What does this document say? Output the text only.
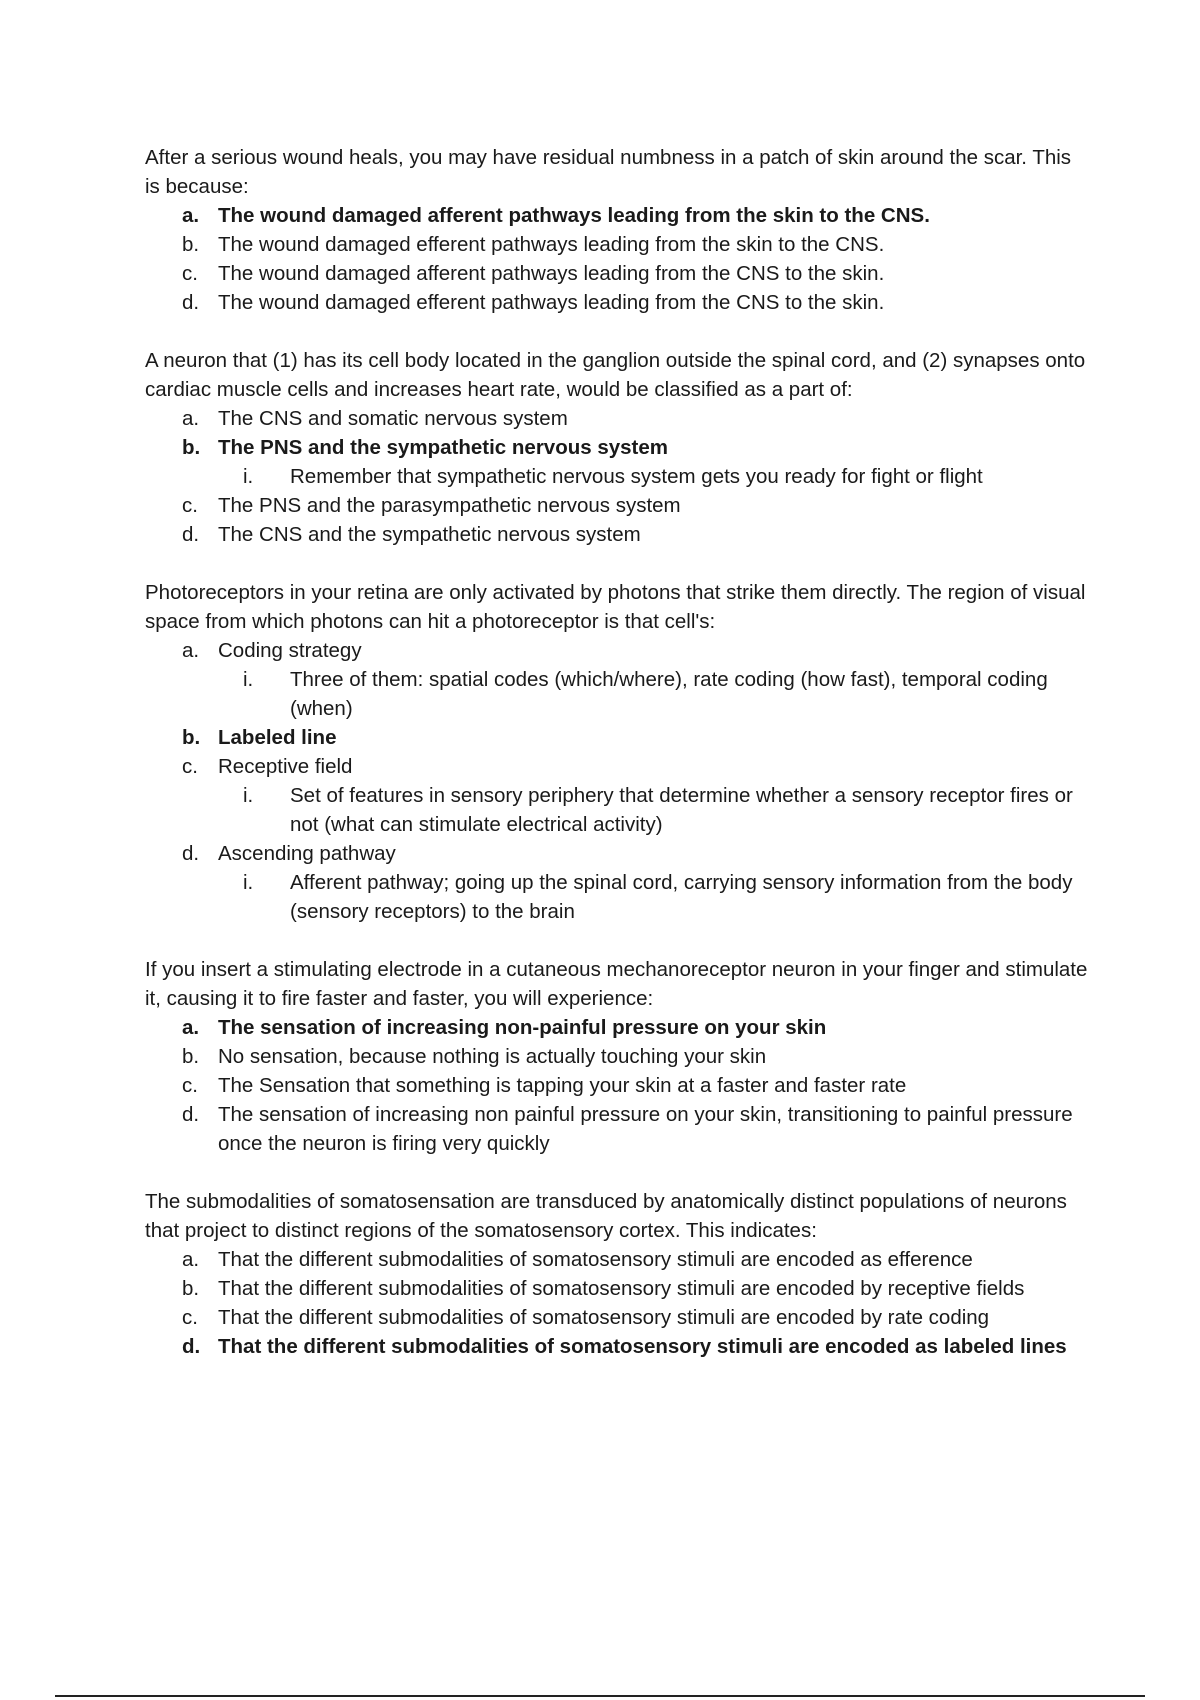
After a serious wound heals, you may have residual numbness in a patch of skin around the scar. This is because:

a. The wound damaged afferent pathways leading from the skin to the CNS.
b. The wound damaged efferent pathways leading from the skin to the CNS.
c. The wound damaged afferent pathways leading from the CNS to the skin.
d. The wound damaged efferent pathways leading from the CNS to the skin.

A neuron that (1) has its cell body located in the ganglion outside the spinal cord, and (2) synapses onto cardiac muscle cells and increases heart rate, would be classified as a part of:

a. The CNS and somatic nervous system
b. The PNS and the sympathetic nervous system
i.	Remember that sympathetic nervous system gets you ready for fight or flight
c. The PNS and the parasympathetic nervous system
d. The CNS and the sympathetic nervous system

Photoreceptors in your retina are only activated by photons that strike them directly. The region of visual space from which photons can hit a photoreceptor is that cell's:

a. Coding strategy
i.	Three of them: spatial codes (which/where), rate coding (how fast), temporal coding (when)
b. Labeled line
c. Receptive field
i.	Set of features in sensory periphery that determine whether a sensory receptor fires or not (what can stimulate electrical activity)
d. Ascending pathway
i.	Afferent pathway; going up the spinal cord, carrying sensory information from the body (sensory receptors) to the brain

If you insert a stimulating electrode in a cutaneous mechanoreceptor neuron in your finger and stimulate it, causing it to fire faster and faster, you will experience:

a. The sensation of increasing non-painful pressure on your skin
b. No sensation, because nothing is actually touching your skin
c. The Sensation that something is tapping your skin at a faster and faster rate
d. The sensation of increasing non painful pressure on your skin, transitioning to painful pressure once the neuron is firing very quickly

The submodalities of somatosensation are transduced by anatomically distinct populations of neurons that project to distinct regions of the somatosensory cortex. This indicates:

a. That the different submodalities of somatosensory stimuli are encoded as efference
b. That the different submodalities of somatosensory stimuli are encoded by receptive fields
c. That the different submodalities of somatosensory stimuli are encoded by rate coding
d. That the different submodalities of somatosensory stimuli are encoded as labeled lines
